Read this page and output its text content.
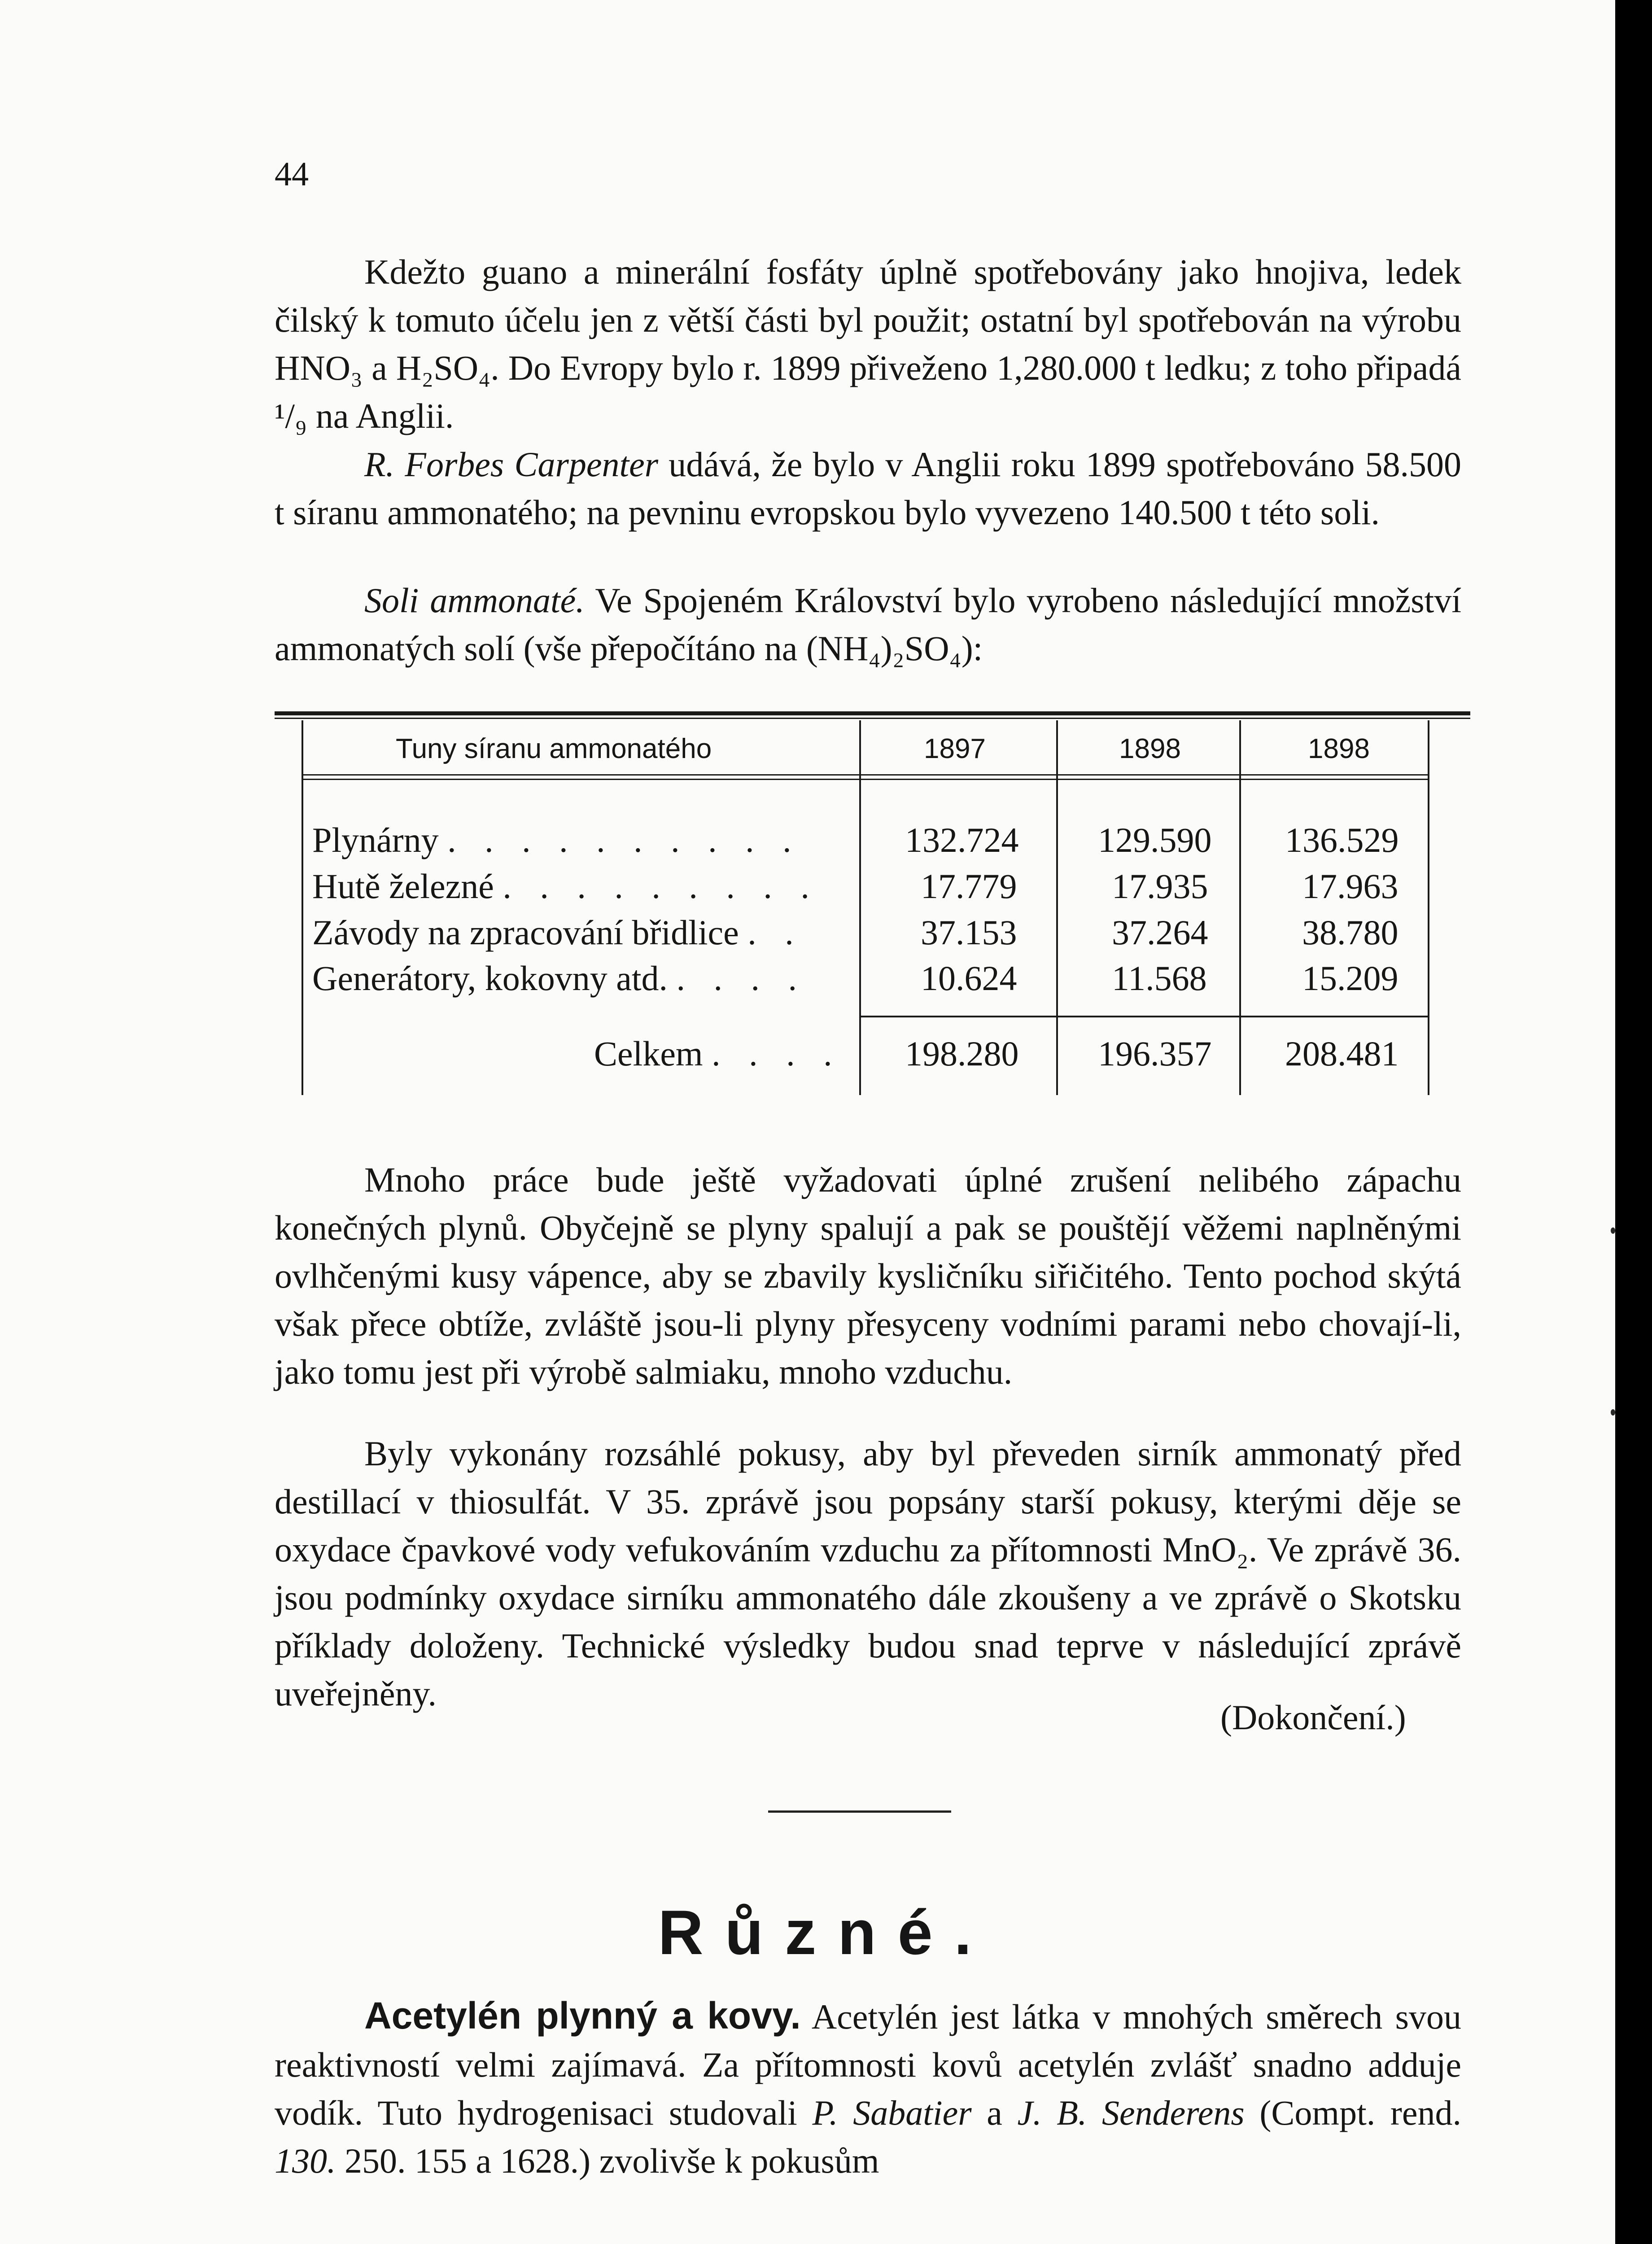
44

Kdežto guano a minerální fosfáty úplně spotřebovány jako hnojiva, ledek čilský k tomuto účelu jen z větší části byl použit; ostatní byl spotřebován na výrobu HNO₃ a H₂SO₄. Do Evropy bylo r. 1899 přiveženo 1,280.000 t ledku; z toho připadá ¹/₉ na Anglii.

R. Forbes Carpenter udává, že bylo v Anglii roku 1899 spotřebováno 58.500 t síranu ammonatého; na pevninu evropskou bylo vyvezeno 140.500 t této soli.

Soli ammonaté. Ve Spojeném Království bylo vyrobeno následující množství ammonatých solí (vše přepočítáno na (NH₄)₂SO₄):

Tuny síranu ammonatého	1897	1898	1898
Plynárny . . . . . . . . . .	132.724 129.590 136.529
Hutě železné . . . . . . . . .	17.779	17.935	17.963
Závody na zpracování břidlice . .	37.153	37.264	38.780
Generátory, kokovny atd. . . . .	10.624	11.568	15.209
Celkem . . . . 198.280 196.357 208.481

Mnoho práce bude ještě vyžadovati úplné zrušení nelibého zápachu konečných plynů. Obyčejně se plyny spalují a pak se pouštějí věžemi naplněnými ovlhčenými kusy vápence, aby se zbavily kysličníku siřičitého. Tento pochod skýtá však přece obtíže, zvláště jsou-li plyny přesyceny vodními parami nebo chovají-li, jako tomu jest při výrobě salmiaku, mnoho vzduchu.

Byly vykonány rozsáhlé pokusy, aby byl převeden sirník ammonatý před destillací v thiosulfát. V 35. zprávě jsou popsány starší pokusy, kterými děje se oxydace čpavkové vody vefukováním vzduchu za přítomnosti MnO₂. Ve zprávě 36. jsou podmínky oxydace sirníku ammonatého dále zkoušeny a ve zprávě o Skotsku příklady doloženy. Technické výsledky budou snad teprve v následující zprávě uveřejněny.

(Dokončení.)
Různé.

Acetylén plynný a kovy. Acetylén jest látka v mnohých směrech svou reaktivností velmi zajímavá. Za přítomnosti kovů acetylén zvlášť snadno adduje vodík. Tuto hydrogenisaci studovali P. Sabatier a J. B. Senderens (Compt. rend. 130. 250. 155 a 1628.) zvolivše k pokusům
